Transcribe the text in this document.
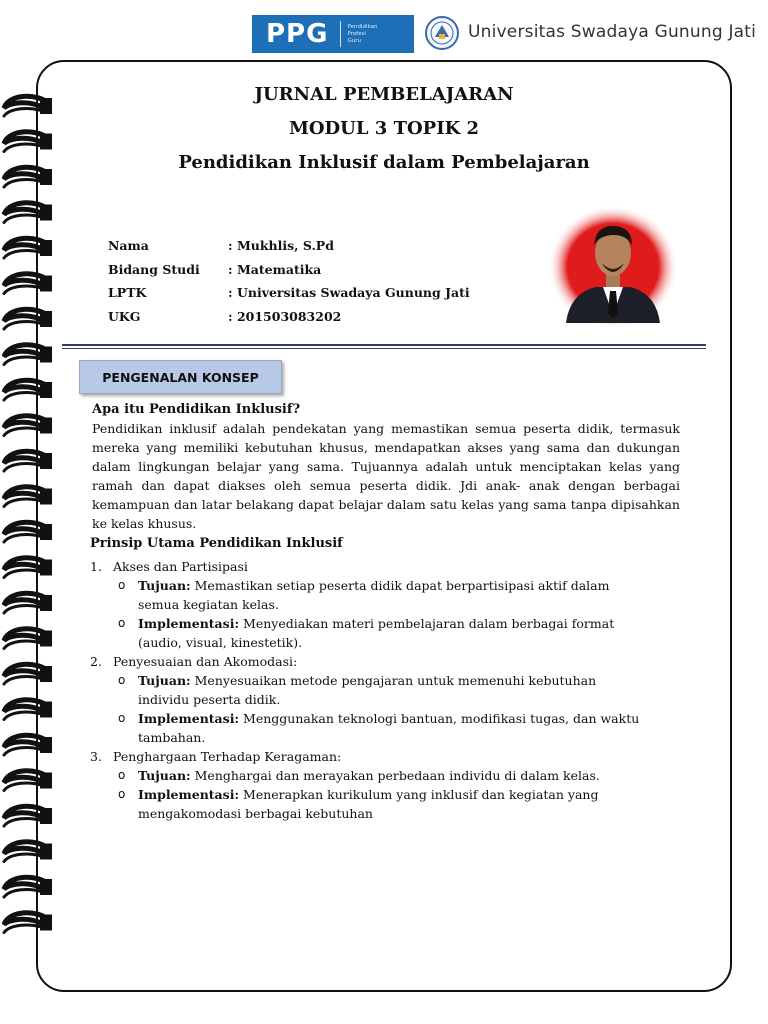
PPG	Pendidikan
Profesi
Guru	Universitas Swadaya Gunung Jati
JURNAL PEMBELAJARAN
MODUL 3 TOPIK 2
Pendidikan Inklusif dalam Pembelajaran
Nama	: Mukhlis, S.Pd
Bidang Studi	: Matematika
LPTK	: Universitas Swadaya Gunung Jati
UKG	: 201503083202
PENGENALAN KONSEP
Apa itu Pendidikan Inklusif?
Pendidikan inklusif adalah pendekatan yang memastikan semua peserta didik, termasuk mereka yang memiliki kebutuhan khusus, mendapatkan akses yang sama dan dukungan dalam lingkungan belajar yang sama. Tujuannya adalah untuk menciptakan kelas yang ramah dan dapat diakses oleh semua peserta didik. Jdi anak- anak dengan berbagai kemampuan dan latar belakang dapat belajar dalam satu kelas yang sama tanpa dipisahkan ke kelas khusus.
Prinsip Utama Pendidikan Inklusif
1. Akses dan Partisipasi
o	Tujuan: Memastikan setiap peserta didik dapat berpartisipasi aktif dalam semua kegiatan kelas.
o	Implementasi: Menyediakan materi pembelajaran dalam berbagai format (audio, visual, kinestetik).
2. Penyesuaian dan Akomodasi:
o	Tujuan: Menyesuaikan metode pengajaran untuk memenuhi kebutuhan individu peserta didik.
o	Implementasi: Menggunakan teknologi bantuan, modifikasi tugas, dan waktu tambahan.
3. Penghargaan Terhadap Keragaman:
o	Tujuan: Menghargai dan merayakan perbedaan individu di dalam kelas.
o	Implementasi: Menerapkan kurikulum yang inklusif dan kegiatan yang mengakomodasi berbagai kebutuhan
